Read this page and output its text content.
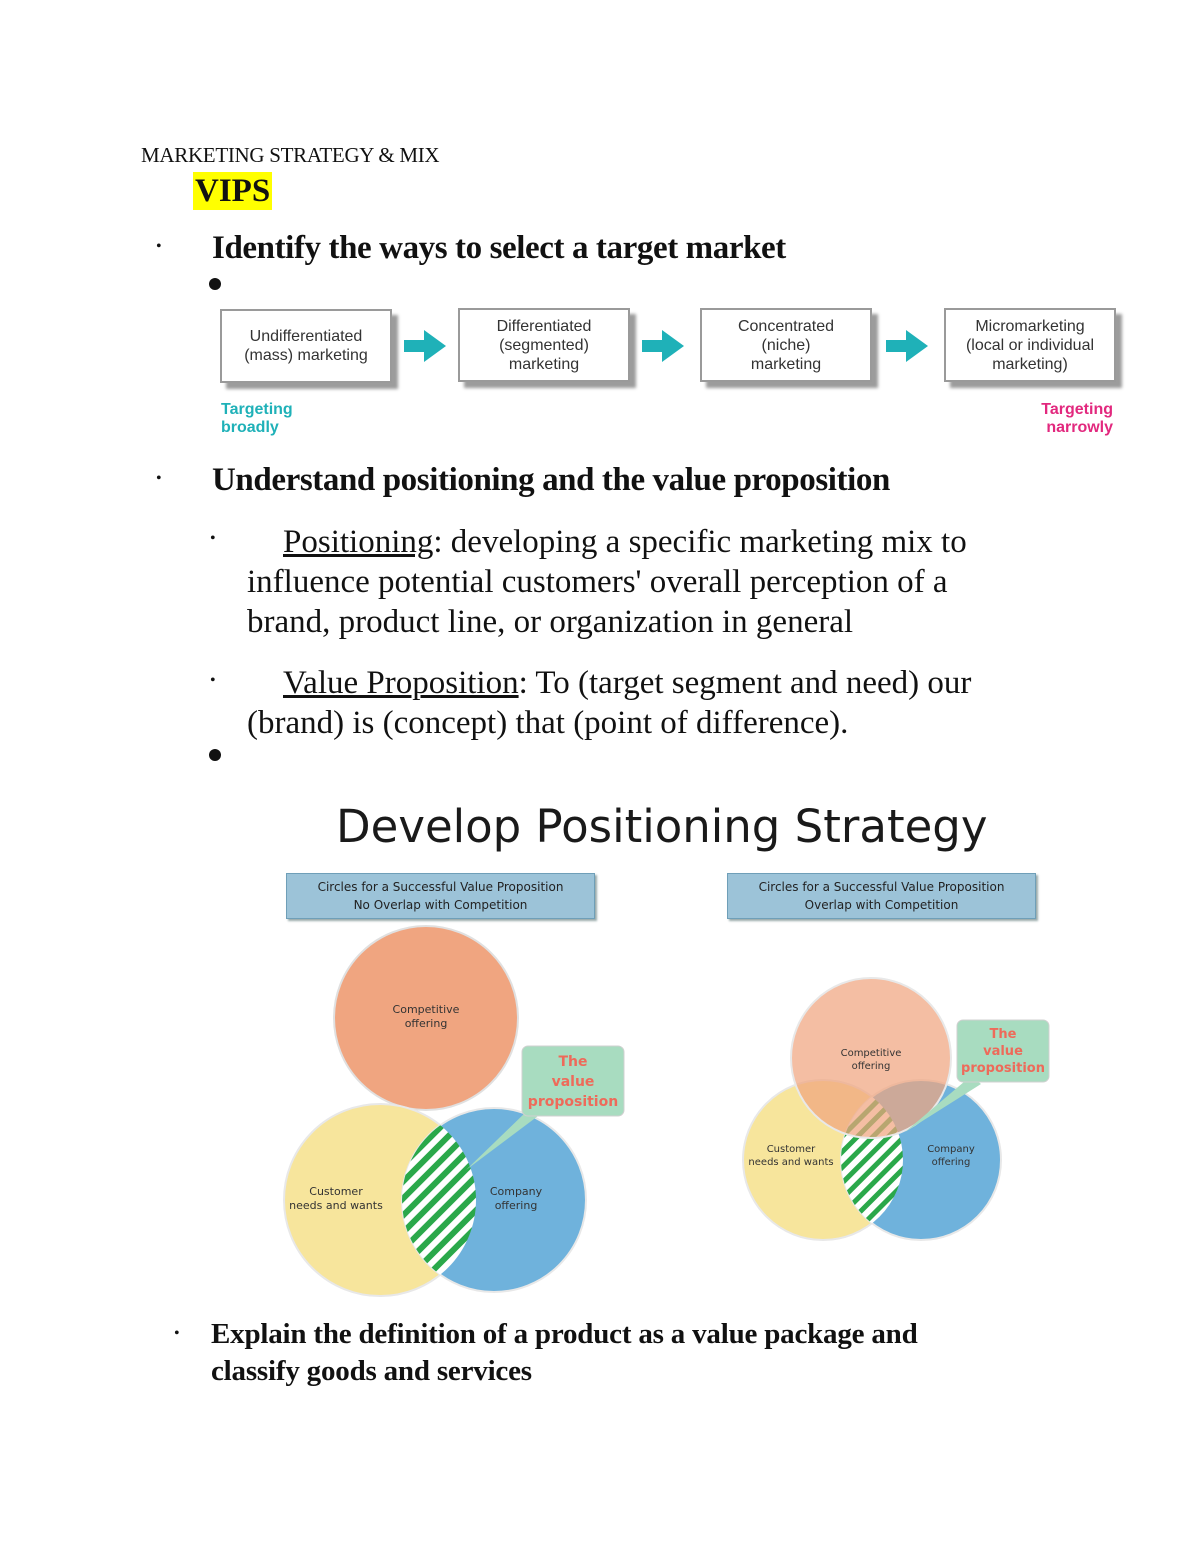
MARKETING STRATEGY & MIX
VIPS
• Identify the ways to select a target market
Undifferentiated
(mass) marketing
Differentiated
(segmented)
marketing
Concentrated
(niche)
marketing
Micromarketing
(local or individual
marketing)
Targeting
broadly
Targeting
narrowly
• Understand positioning and the value proposition
•	Positioning: developing a specific marketing mix to
influence potential customers' overall perception of a
brand, product line, or organization in general
•	Value Proposition: To (target segment and need) our
(brand) is (concept) that (point of difference).
Develop Positioning Strategy
Circles for a Successful Value Proposition
No Overlap with Competition
Circles for a Successful Value Proposition
Overlap with Competition
Competitive
offering
Customer
needs and wants
Company
offering
The
value
proposition
Competitive
offering
Customer
needs and wants
Company
offering
The
value
proposition
• Explain the definition of a product as a value package and
classify goods and services
